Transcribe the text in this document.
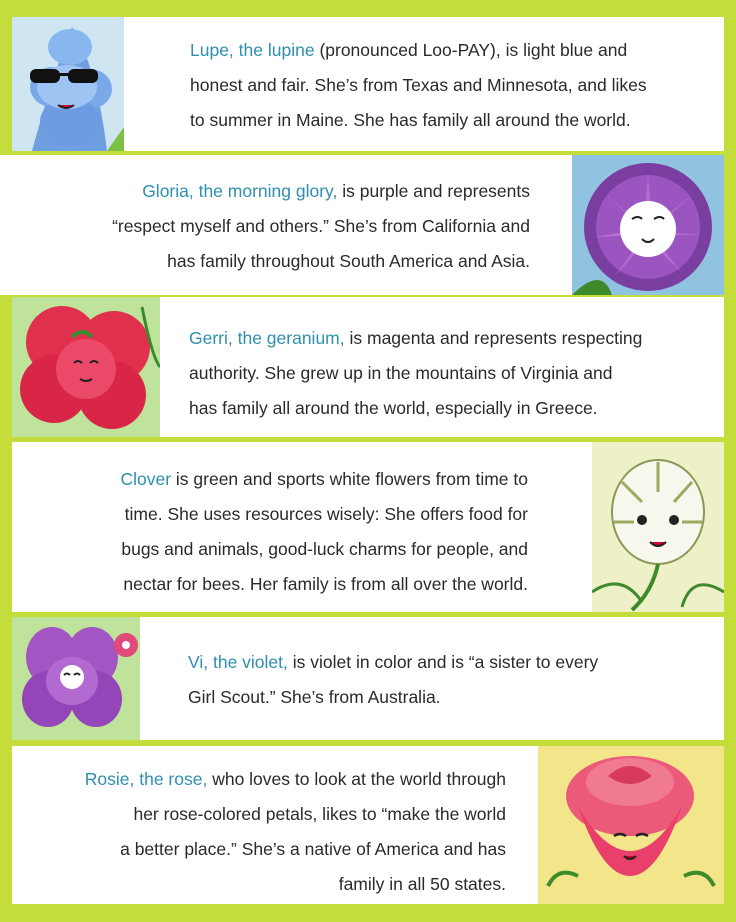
Lupe, the lupine (pronounced Loo-PAY), is light blue and
honest and fair. She’s from Texas and Minnesota, and likes
to summer in Maine. She has family all around the world.

Gloria, the morning glory, is purple and represents
“respect myself and others.” She’s from California and
has family throughout South America and Asia.

Gerri, the geranium, is magenta and represents respecting
authority. She grew up in the mountains of Virginia and
has family all around the world, especially in Greece.

Clover is green and sports white flowers from time to
time. She uses resources wisely: She offers food for
bugs and animals, good-luck charms for people, and
nectar for bees. Her family is from all over the world.

Vi, the violet, is violet in color and is “a sister to every
Girl Scout.” She’s from Australia.

Rosie, the rose, who loves to look at the world through
her rose-colored petals, likes to “make the world
a better place.” She’s a native of America and has
family in all 50 states.
